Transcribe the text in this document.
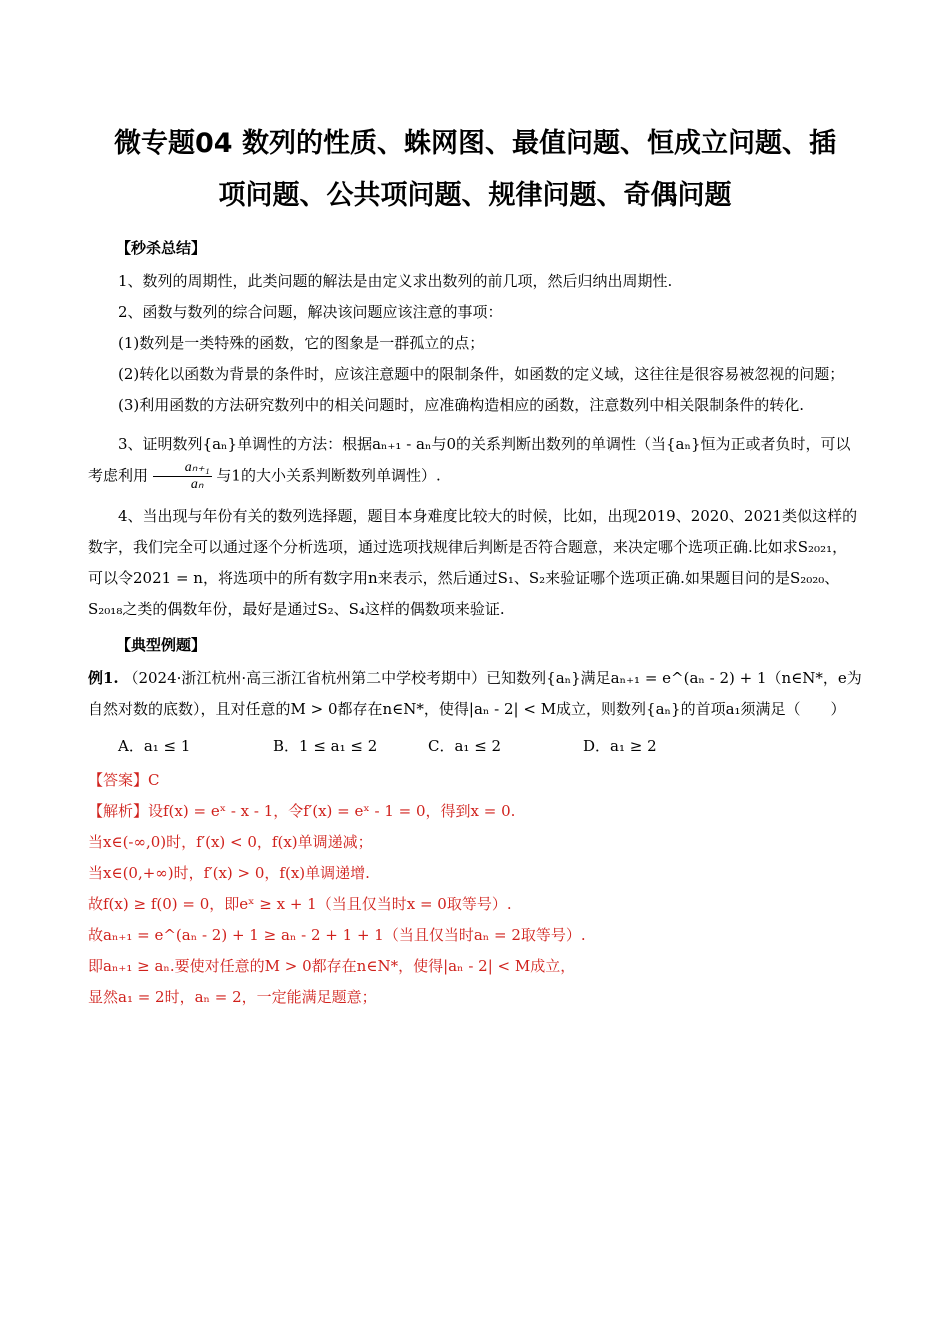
微专题04 数列的性质、蛛网图、最值问题、恒成立问题、插
项问题、公共项问题、规律问题、奇偶问题
【秒杀总结】

1、数列的周期性，此类问题的解法是由定义求出数列的前几项，然后归纳出周期性.

2、函数与数列的综合问题，解决该问题应该注意的事项：

(1)数列是一类特殊的函数，它的图象是一群孤立的点；

(2)转化以函数为背景的条件时，应该注意题中的限制条件，如函数的定义域，这往往是很容易被忽视的问题；

(3)利用函数的方法研究数列中的相关问题时，应准确构造相应的函数，注意数列中相关限制条件的转化.

3、证明数列{aₙ}单调性的方法：根据aₙ₊₁ - aₙ与0的关系判断出数列的单调性（当{aₙ}恒为正或者负时，可以考虑利用 $\frac{\text{aₙ₊₁}}{\text{aₙ}}$ 与1的大小关系判断数列单调性）.

4、当出现与年份有关的数列选择题，题目本身难度比较大的时候，比如，出现2019、2020、2021类似这样的数字，我们完全可以通过逐个分析选项，通过选项找规律后判断是否符合题意，来决定哪个选项正确.比如求S₂₀₂₁，可以令2021 = n，将选项中的所有数字用n来表示，然后通过S₁、S₂来验证哪个选项正确.如果题目问的是S₂₀₂₀、S₂₀₁₈之类的偶数年份，最好是通过S₂、S₄这样的偶数项来验证.

【典型例题】

例1. （2024·浙江杭州·高三浙江省杭州第二中学校考期中）已知数列{aₙ}满足aₙ₊₁ = e^(aₙ - 2) + 1（n∈N*，e为自然对数的底数），且对任意的M > 0都存在n∈N*，使得|aₙ - 2| < M成立，则数列{aₙ}的首项a₁须满足（　　）

A．a₁ ≤ 1	B．1 ≤ a₁ ≤ 2	C．a₁ ≤ 2	D．a₁ ≥ 2

【答案】C

【解析】设f(x) = eˣ - x - 1，令f′(x) = eˣ - 1 = 0，得到x = 0.

当x∈(-∞,0)时，f′(x) < 0，f(x)单调递减；

当x∈(0,+∞)时，f′(x) > 0，f(x)单调递增.

故f(x) ≥ f(0) = 0，即eˣ ≥ x + 1（当且仅当时x = 0取等号）.

故aₙ₊₁ = e^(aₙ - 2) + 1 ≥ aₙ - 2 + 1 + 1（当且仅当时aₙ = 2取等号）.

即aₙ₊₁ ≥ aₙ.要使对任意的M > 0都存在n∈N*，使得|aₙ - 2| < M成立，

显然a₁ = 2时，aₙ = 2，一定能满足题意；
